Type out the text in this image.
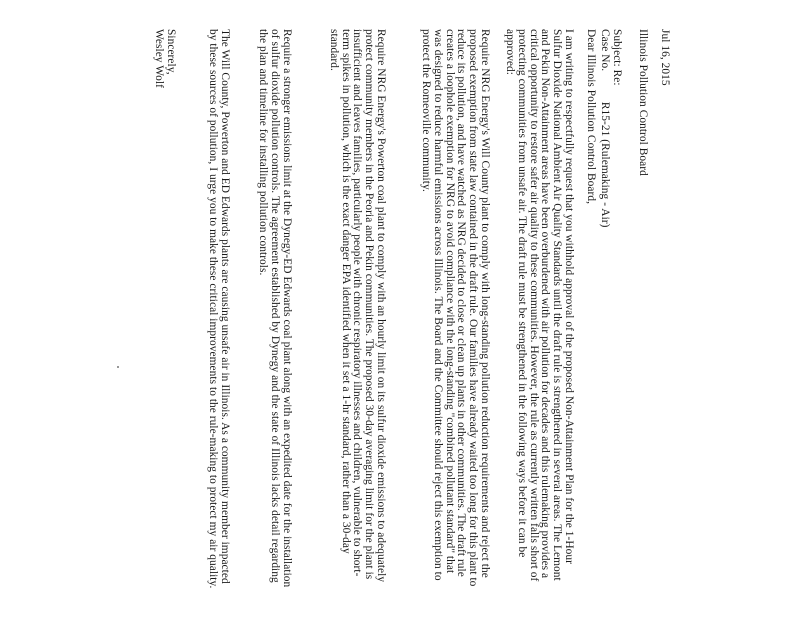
Jul 16, 2015

Illinois Pollution Control Board

Subject: Re: Case No. R15-21 (Rulemaking - Air)

Dear Illinois Pollution Control Board,

I am writing to respectfully request that you withhold approval of the proposed Non-Attainment Plan for the 1-Hour Sulfur Dioxide National Ambient Air Quality Standards until the draft rule is strengthened in several areas. The Lemont and Pekin Non-Attainment areas have been overburdened with air pollution for decades and this rulemaking provides a critical opportunity to restore safer air quality to these communities. However, the rule as currently written falls short of protecting communities from unsafe air. The draft rule must be strengthened in the following ways before it can be approved:

Require NRG Energy's Will County plant to comply with long-standing pollution reduction requirements and reject the proposed exemption from state law contained in the draft rule. Our families have already waited too long for this plant to reduce its pollution, and have watched as NRG decided to close or clean up plants in other communities. The draft rule creates a loophole exemption for NRG to avoid compliance with the long-standing "combined pollutant standard" that was designed to reduce harmful emissions across Illinois. The Board and the Committee should reject this exemption to protect the Romeoville community.

Require NRG Energy's Powerton coal plant to comply with an hourly limit on its sulfur dioxide emissions to adequately protect community members in the Peoria and Pekin communities. The proposed 30-day averaging limit for the plant is insufficient and leaves families, particularly people with chronic respiratory illnesses and children, vulnerable to short-term spikes in pollution, which is the exact danger EPA identified when it set a 1-hr standard, rather than a 30-day standard.

Require a stronger emissions limit at the Dynegy-ED Edwards coal plant along with an expedited date for the installation of sulfur dioxide pollution controls. The agreement established by Dynegy and the state of Illinois lacks detail regarding the plan and timeline for installing pollution controls.

The Will County, Powerton and ED Edwards plants are causing unsafe air in Illinois. As a community member impacted by these sources of pollution, I urge you to make these critical improvements to the rule-making to protect my air quality.

Sincerely,

Wesley Wolf
